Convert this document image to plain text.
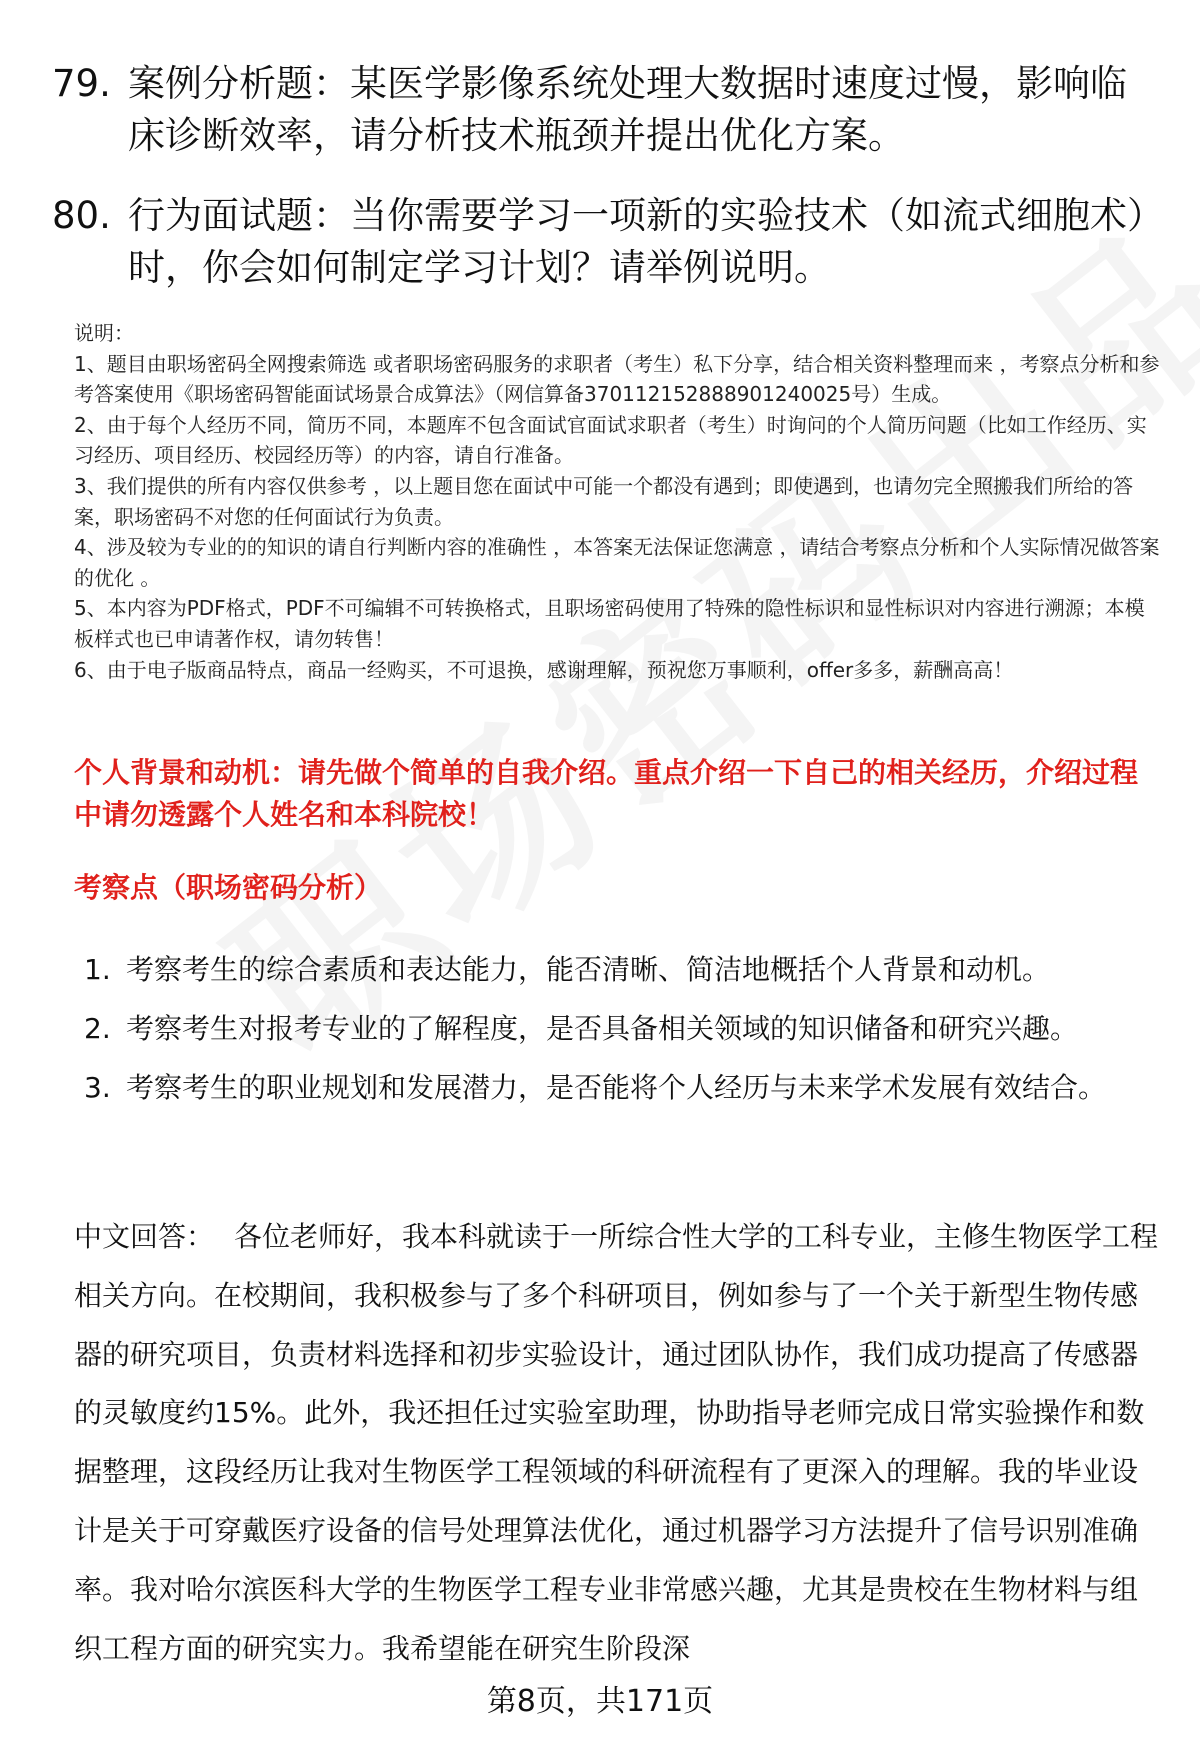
79. 案例分析题：某医学影像系统处理大数据时速度过慢，影响临床诊断效率，请分析技术瓶颈并提出优化方案。
80. 行为面试题：当你需要学习一项新的实验技术（如流式细胞术）时，你会如何制定学习计划？请举例说明。
说明：
1、题目由职场密码全网搜索筛选 或者职场密码服务的求职者（考生）私下分享，结合相关资料整理而来 ，考察点分析和参考答案使用《职场密码智能面试场景合成算法》（网信算备370112152888901240025号）生成。
2、由于每个人经历不同，简历不同，本题库不包含面试官面试求职者（考生）时询问的个人简历问题（比如工作经历、实习经历、项目经历、校园经历等）的内容，请自行准备。
3、我们提供的所有内容仅供参考 ，以上题目您在面试中可能一个都没有遇到；即使遇到，也请勿完全照搬我们所给的答案，职场密码不对您的任何面试行为负责。
4、涉及较为专业的的知识的请自行判断内容的准确性 ，本答案无法保证您满意 ，请结合考察点分析和个人实际情况做答案的优化 。
5、本内容为PDF格式，PDF不可编辑不可转换格式，且职场密码使用了特殊的隐性标识和显性标识对内容进行溯源；本模板样式也已申请著作权，请勿转售！
6、由于电子版商品特点，商品一经购买，不可退换，感谢理解，预祝您万事顺利，offer多多，薪酬高高！
个人背景和动机：请先做个简单的自我介绍。重点介绍一下自己的相关经历，介绍过程中请勿透露个人姓名和本科院校！
考察点（职场密码分析）
1. 考察考生的综合素质和表达能力，能否清晰、简洁地概括个人背景和动机。
2. 考察考生对报考专业的了解程度，是否具备相关领域的知识储备和研究兴趣。
3. 考察考生的职业规划和发展潜力，是否能将个人经历与未来学术发展有效结合。
中文回答： 各位老师好，我本科就读于一所综合性大学的工科专业，主修生物医学工程相关方向。在校期间，我积极参与了多个科研项目，例如参与了一个关于新型生物传感器的研究项目，负责材料选择和初步实验设计，通过团队协作，我们成功提高了传感器的灵敏度约15%。此外，我还担任过实验室助理，协助指导老师完成日常实验操作和数据整理，这段经历让我对生物医学工程领域的科研流程有了更深入的理解。我的毕业设计是关于可穿戴医疗设备的信号处理算法优化，通过机器学习方法提升了信号识别准确率。我对哈尔滨医科大学的生物医学工程专业非常感兴趣，尤其是贵校在生物材料与组织工程方面的研究实力。我希望能在研究生阶段深
第8页，共171页
